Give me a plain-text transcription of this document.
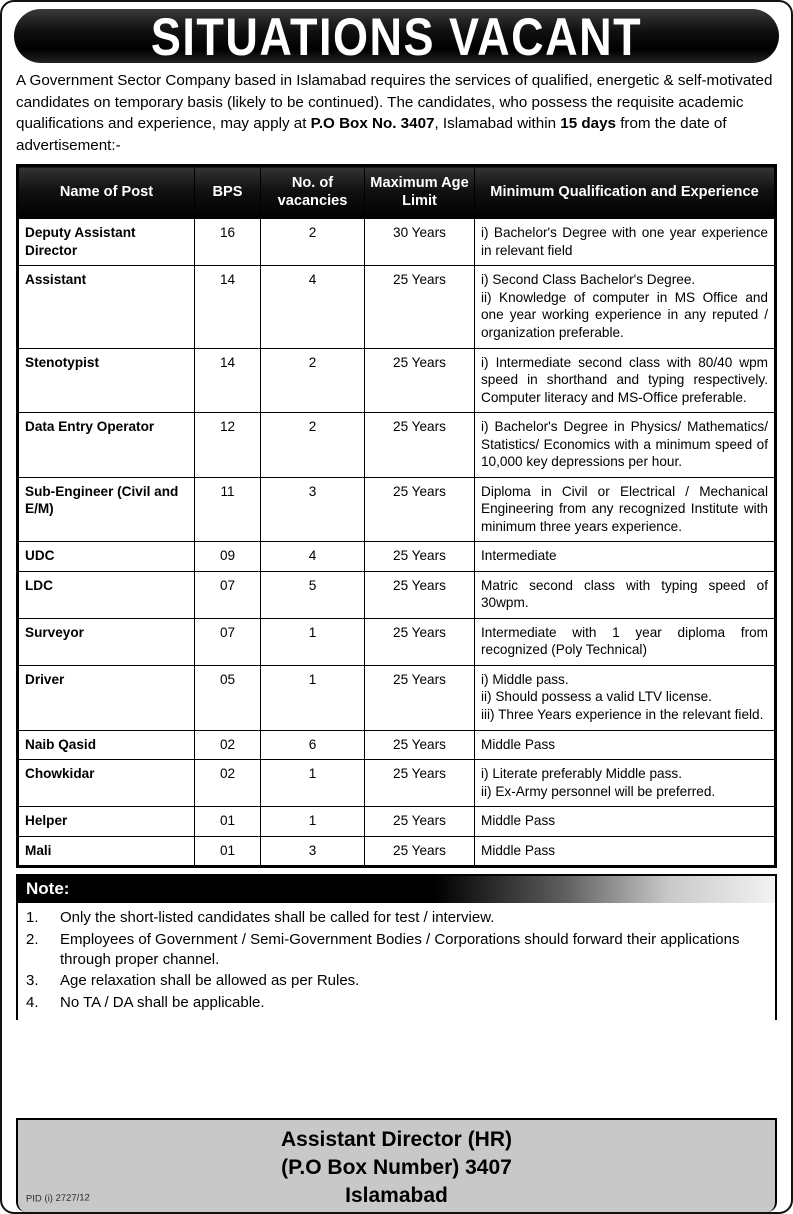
SITUATIONS VACANT

A Government Sector Company based in Islamabad requires the services of qualified, energetic & self-motivated candidates on temporary basis (likely to be continued). The candidates, who possess the requisite academic qualifications and experience, may apply at P.O Box No. 3407, Islamabad within 15 days from the date of advertisement:-

Name of Post	BPS	No. of vacancies	Maximum Age Limit	Minimum Qualification and Experience
Deputy Assistant Director	16	2	30 Years	i) Bachelor's Degree with one year experience in relevant field

Assistant	14	4	25 Years	i) Second Class Bachelor's Degree.
ii) Knowledge of computer in MS Office and one year working experience in any reputed / organization preferable.

Stenotypist	14	2	25 Years	i) Intermediate second class with 80/40 wpm speed in shorthand and typing respectively. Computer literacy and MS-Office preferable.

Data Entry Operator	12	2	25 Years	i) Bachelor's Degree in Physics/ Mathematics/ Statistics/ Economics with a minimum speed of 10,000 key depressions per hour.

Sub-Engineer (Civil and E/M)	11	3	25 Years	Diploma in Civil or Electrical / Mechanical Engineering from any recognized Institute with minimum three years experience.

UDC	09	4	25 Years	Intermediate

LDC	07	5	25 Years	Matric second class with typing speed of 30wpm.

Surveyor	07	1	25 Years	Intermediate with 1 year diploma from recognized (Poly Technical)

Driver	05	1	25 Years	i) Middle pass.
ii) Should possess a valid LTV license.
iii) Three Years experience in the relevant field.

Naib Qasid	02	6	25 Years	Middle Pass

Chowkidar	02	1	25 Years	i) Literate preferably Middle pass.
ii) Ex-Army personnel will be preferred.

Helper	01	1	25 Years	Middle Pass

Mali	01	3	25 Years	Middle Pass
Note:
1.	Only the short-listed candidates shall be called for test / interview.
2.	Employees of Government / Semi-Government Bodies / Corporations should forward their applications through proper channel.
3.	Age relaxation shall be allowed as per Rules.
4.	No TA / DA shall be applicable.
Assistant Director (HR)
(P.O Box Number) 3407
Islamabad
PID (i) 2727/12
